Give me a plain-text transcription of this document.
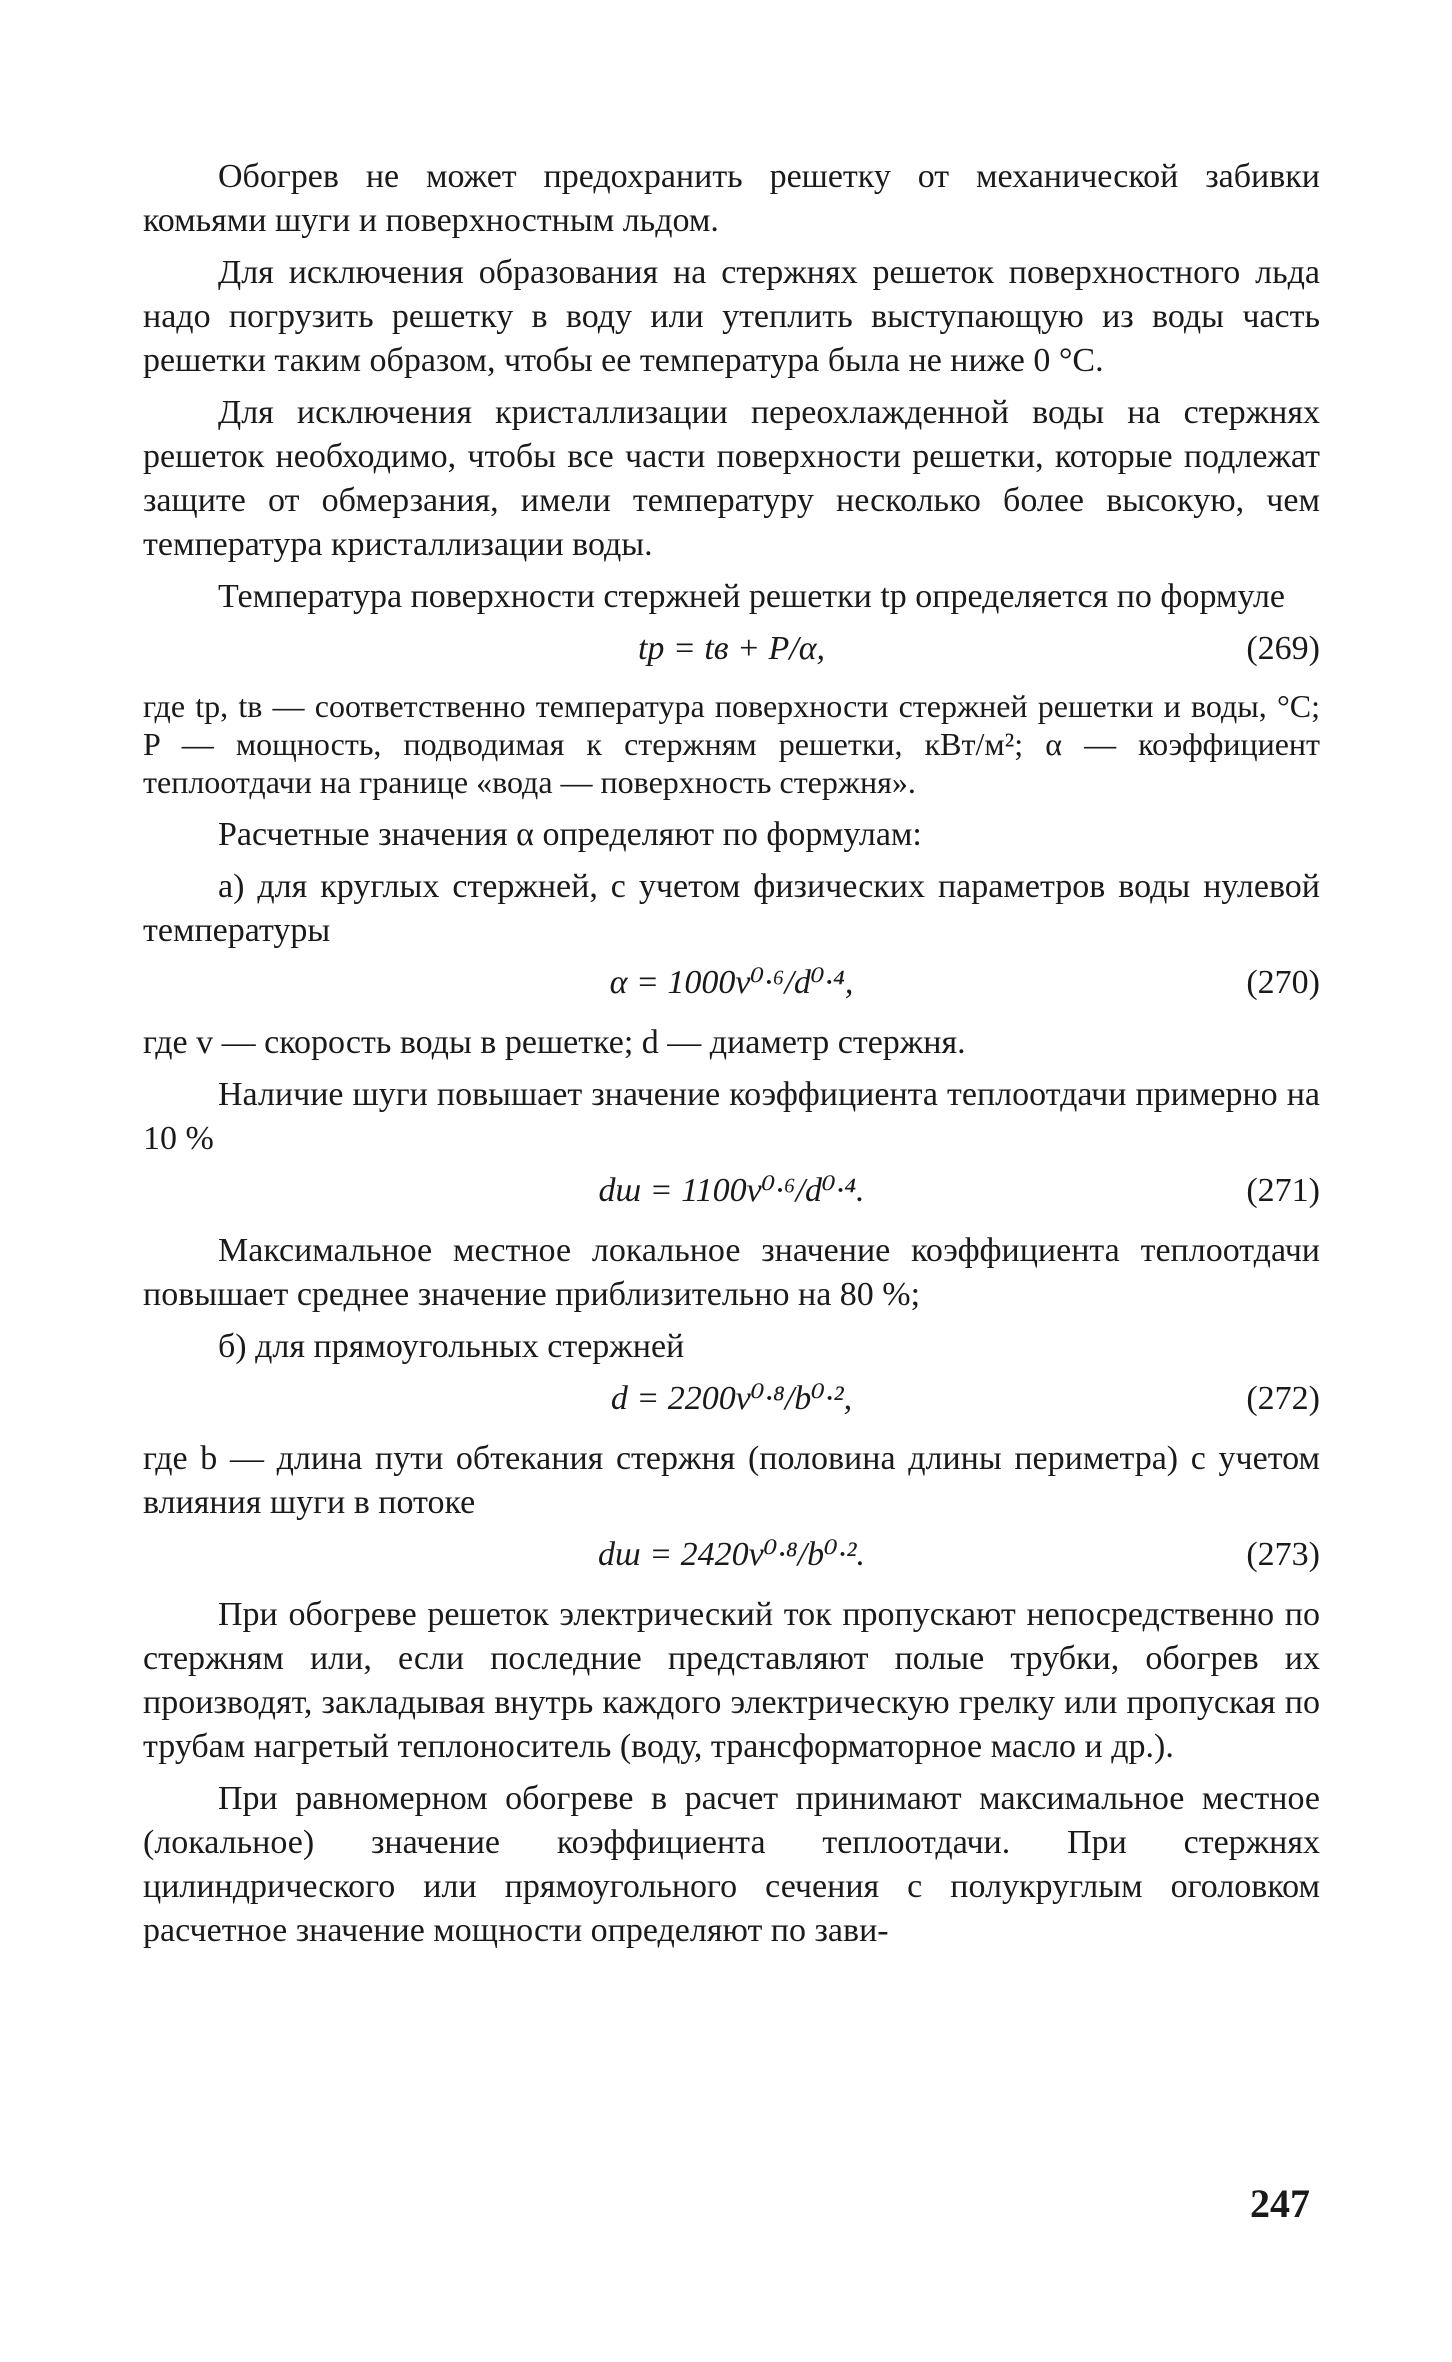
Обогрев не может предохранить решетку от механической забивки комьями шуги и поверхностным льдом.

Для исключения образования на стержнях решеток поверхностного льда надо погрузить решетку в воду или утеплить выступающую из воды часть решетки таким образом, чтобы ее температура была не ниже 0 °С.

Для исключения кристаллизации переохлажденной воды на стержнях решеток необходимо, чтобы все части поверхности решетки, которые подлежат защите от обмерзания, имели температуру несколько более высокую, чем температура кристаллизации воды.

Температура поверхности стержней решетки tр определяется по формуле

tр = tв + P/α,	(269)

где tр, tв — соответственно температура поверхности стержней решетки и воды, °С; P — мощность, подводимая к стержням решетки, кВт/м²; α — коэффициент теплоотдачи на границе «вода — поверхность стержня».

Расчетные значения α определяют по формулам:

а) для круглых стержней, с учетом физических параметров воды нулевой температуры

α = 1000v⁰·⁶/d⁰·⁴,	(270)

где v — скорость воды в решетке; d — диаметр стержня.

Наличие шуги повышает значение коэффициента теплоотдачи примерно на 10 %

dш = 1100v⁰·⁶/d⁰·⁴.	(271)

Максимальное местное локальное значение коэффициента теплоотдачи повышает среднее значение приблизительно на 80 %;

б) для прямоугольных стержней

d = 2200v⁰·⁸/b⁰·²,	(272)

где b — длина пути обтекания стержня (половина длины периметра) с учетом влияния шуги в потоке

dш = 2420v⁰·⁸/b⁰·².	(273)

При обогреве решеток электрический ток пропускают непосредственно по стержням или, если последние представляют полые трубки, обогрев их производят, закладывая внутрь каждого электрическую грелку или пропуская по трубам нагретый теплоноситель (воду, трансформаторное масло и др.).

При равномерном обогреве в расчет принимают максимальное местное (локальное) значение коэффициента теплоотдачи. При стержнях цилиндрического или прямоугольного сечения с полукруглым оголовком расчетное значение мощности определяют по зави-

247
